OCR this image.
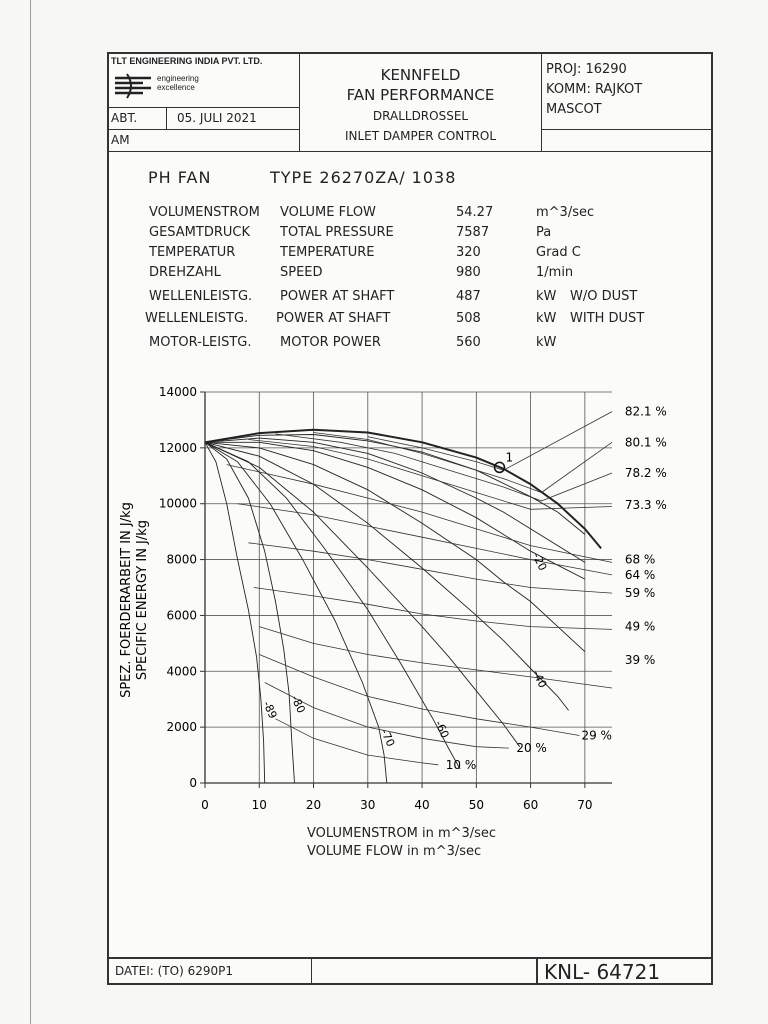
TLT ENGINEERING INDIA PVT. LTD.
engineering
excellence
ABT.	05. JULI 2021
AM
KENNFELD
FAN PERFORMANCE
DRALLDROSSEL
INLET DAMPER CONTROL
PROJ: 16290
KOMM: RAJKOT
MASCOT
PH FAN	TYPE 26270ZA/ 1038
VOLUMENSTROM VOLUME FLOW	54.27	m^3/sec
GESAMTDRUCK TOTAL PRESSURE	7587	Pa
TEMPERATUR	TEMPERATURE	320	Grad C
DREHZAHL	SPEED	980	1/min
WELLENLEISTG. POWER AT SHAFT	487	kW W/O DUST
WELLENLEISTG. POWER AT SHAFT	508	kW WITH DUST
MOTOR-LEISTG. MOTOR POWER	560	kW
0
2000
4000
6000
8000
10000
12000
14000
0	10	20	30	40	50	60	70
-20
-40
-60
-70
-80
-89
10 %
20 %
29 %
39 %
49 %
59 %
64 %
68 %
73.3 %
78.2 %
80.1 %
82.1 %
1
SPEZ. FOERDERARBEIT IN J/kg SPECIFIC ENERGY IN J/kg
VOLUMENSTROM in m^3/sec
VOLUME FLOW in m^3/sec
DATEI: (TO) 6290P1	KNL- 64721
